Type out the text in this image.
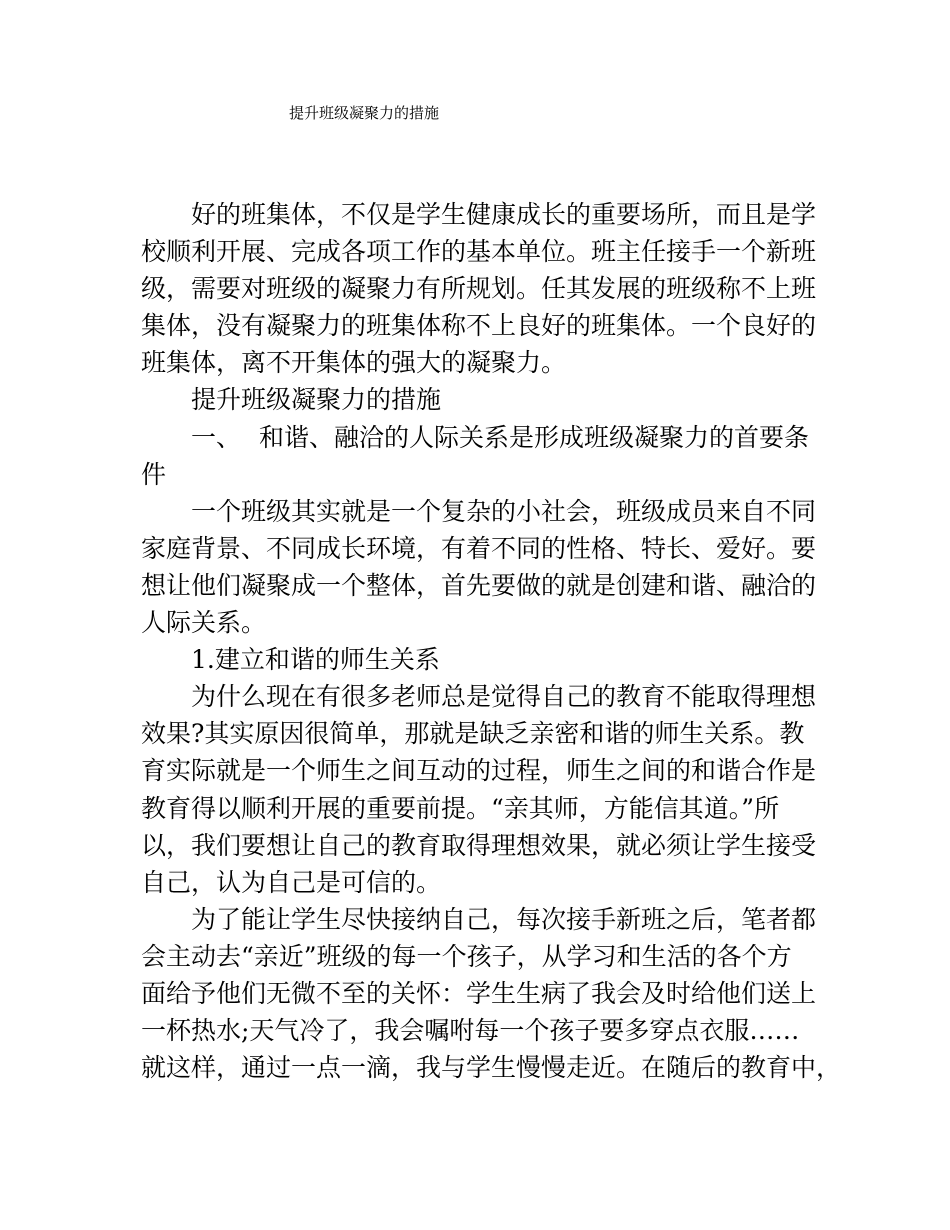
提升班级凝聚力的措施
好的班集体，不仅是学生健康成长的重要场所，而且是学
校顺利开展、完成各项工作的基本单位。班主任接手一个新班
级，需要对班级的凝聚力有所规划。任其发展的班级称不上班
集体，没有凝聚力的班集体称不上良好的班集体。一个良好的
班集体，离不开集体的强大的凝聚力。
提升班级凝聚力的措施
一、 和谐、融洽的人际关系是形成班级凝聚力的首要条
件
一个班级其实就是一个复杂的小社会，班级成员来自不同
家庭背景、不同成长环境，有着不同的性格、特长、爱好。要
想让他们凝聚成一个整体，首先要做的就是创建和谐、融洽的
人际关系。
1.建立和谐的师生关系
为什么现在有很多老师总是觉得自己的教育不能取得理想
效果?其实原因很简单，那就是缺乏亲密和谐的师生关系。教
育实际就是一个师生之间互动的过程，师生之间的和谐合作是
教育得以顺利开展的重要前提。“亲其师，方能信其道。”所
以，我们要想让自己的教育取得理想效果，就必须让学生接受
自己，认为自己是可信的。
为了能让学生尽快接纳自己，每次接手新班之后，笔者都
会主动去“亲近”班级的每一个孩子，从学习和生活的各个方
面给予他们无微不至的关怀：学生生病了我会及时给他们送上
一杯热水;天气冷了，我会嘱咐每一个孩子要多穿点衣服……
就这样，通过一点一滴，我与学生慢慢走近。在随后的教育中，
